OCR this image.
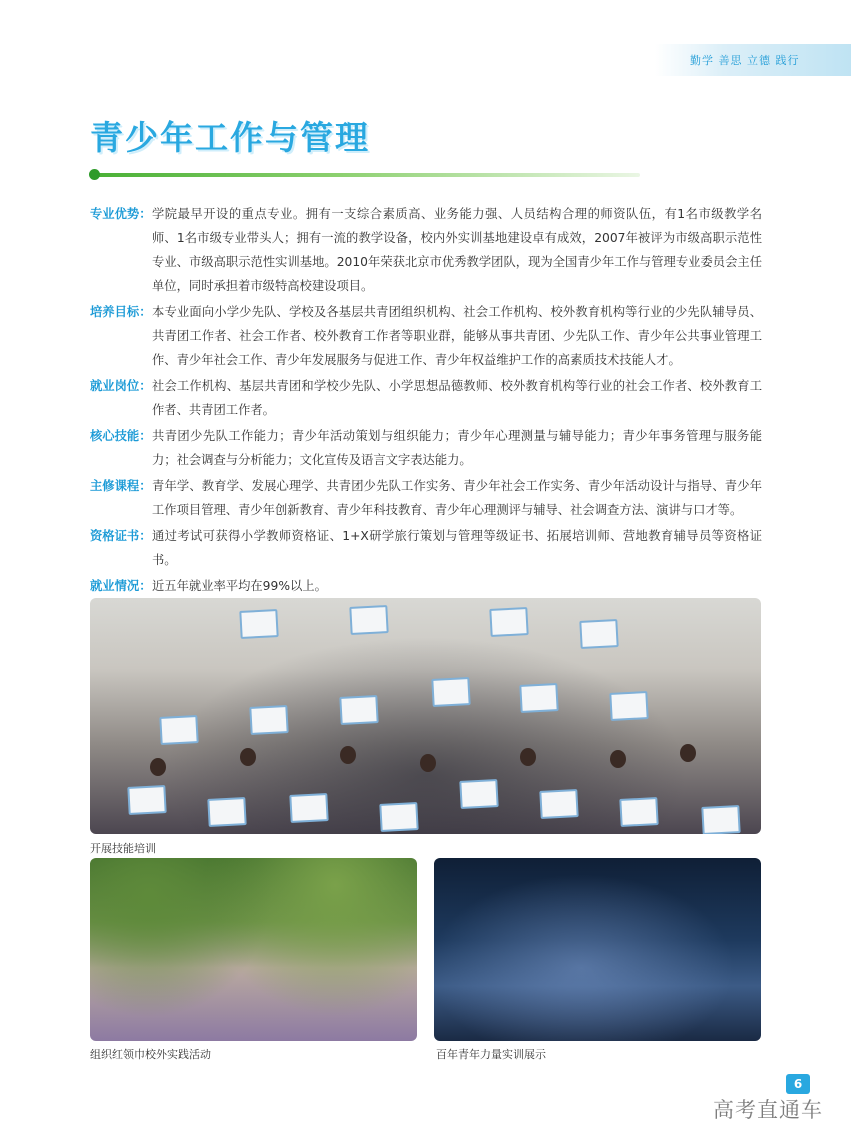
勤学 善思 立德 践行
青少年工作与管理
专业优势： 学院最早开设的重点专业。拥有一支综合素质高、业务能力强、人员结构合理的师资队伍，有1名市级教学名师、1名市级专业带头人；拥有一流的教学设备，校内外实训基地建设卓有成效，2007年被评为市级高职示范性专业、市级高职示范性实训基地。2010年荣获北京市优秀教学团队，现为全国青少年工作与管理专业委员会主任单位，同时承担着市级特高校建设项目。
培养目标： 本专业面向小学少先队、学校及各基层共青团组织机构、社会工作机构、校外教育机构等行业的少先队辅导员、共青团工作者、社会工作者、校外教育工作者等职业群，能够从事共青团、少先队工作、青少年公共事业管理工作、青少年社会工作、青少年发展服务与促进工作、青少年权益维护工作的高素质技术技能人才。
就业岗位： 社会工作机构、基层共青团和学校少先队、小学思想品德教师、校外教育机构等行业的社会工作者、校外教育工作者、共青团工作者。
核心技能： 共青团少先队工作能力；青少年活动策划与组织能力；青少年心理测量与辅导能力；青少年事务管理与服务能力；社会调查与分析能力；文化宣传及语言文字表达能力。
主修课程： 青年学、教育学、发展心理学、共青团少先队工作实务、青少年社会工作实务、青少年活动设计与指导、青少年工作项目管理、青少年创新教育、青少年科技教育、青少年心理测评与辅导、社会调查方法、演讲与口才等。
资格证书： 通过考试可获得小学教师资格证、1+X研学旅行策划与管理等级证书、拓展培训师、营地教育辅导员等资格证书。
就业情况： 近五年就业率平均在99%以上。
开展技能培训
组织红领巾校外实践活动	百年青年力量实训展示
6
高考直通车
